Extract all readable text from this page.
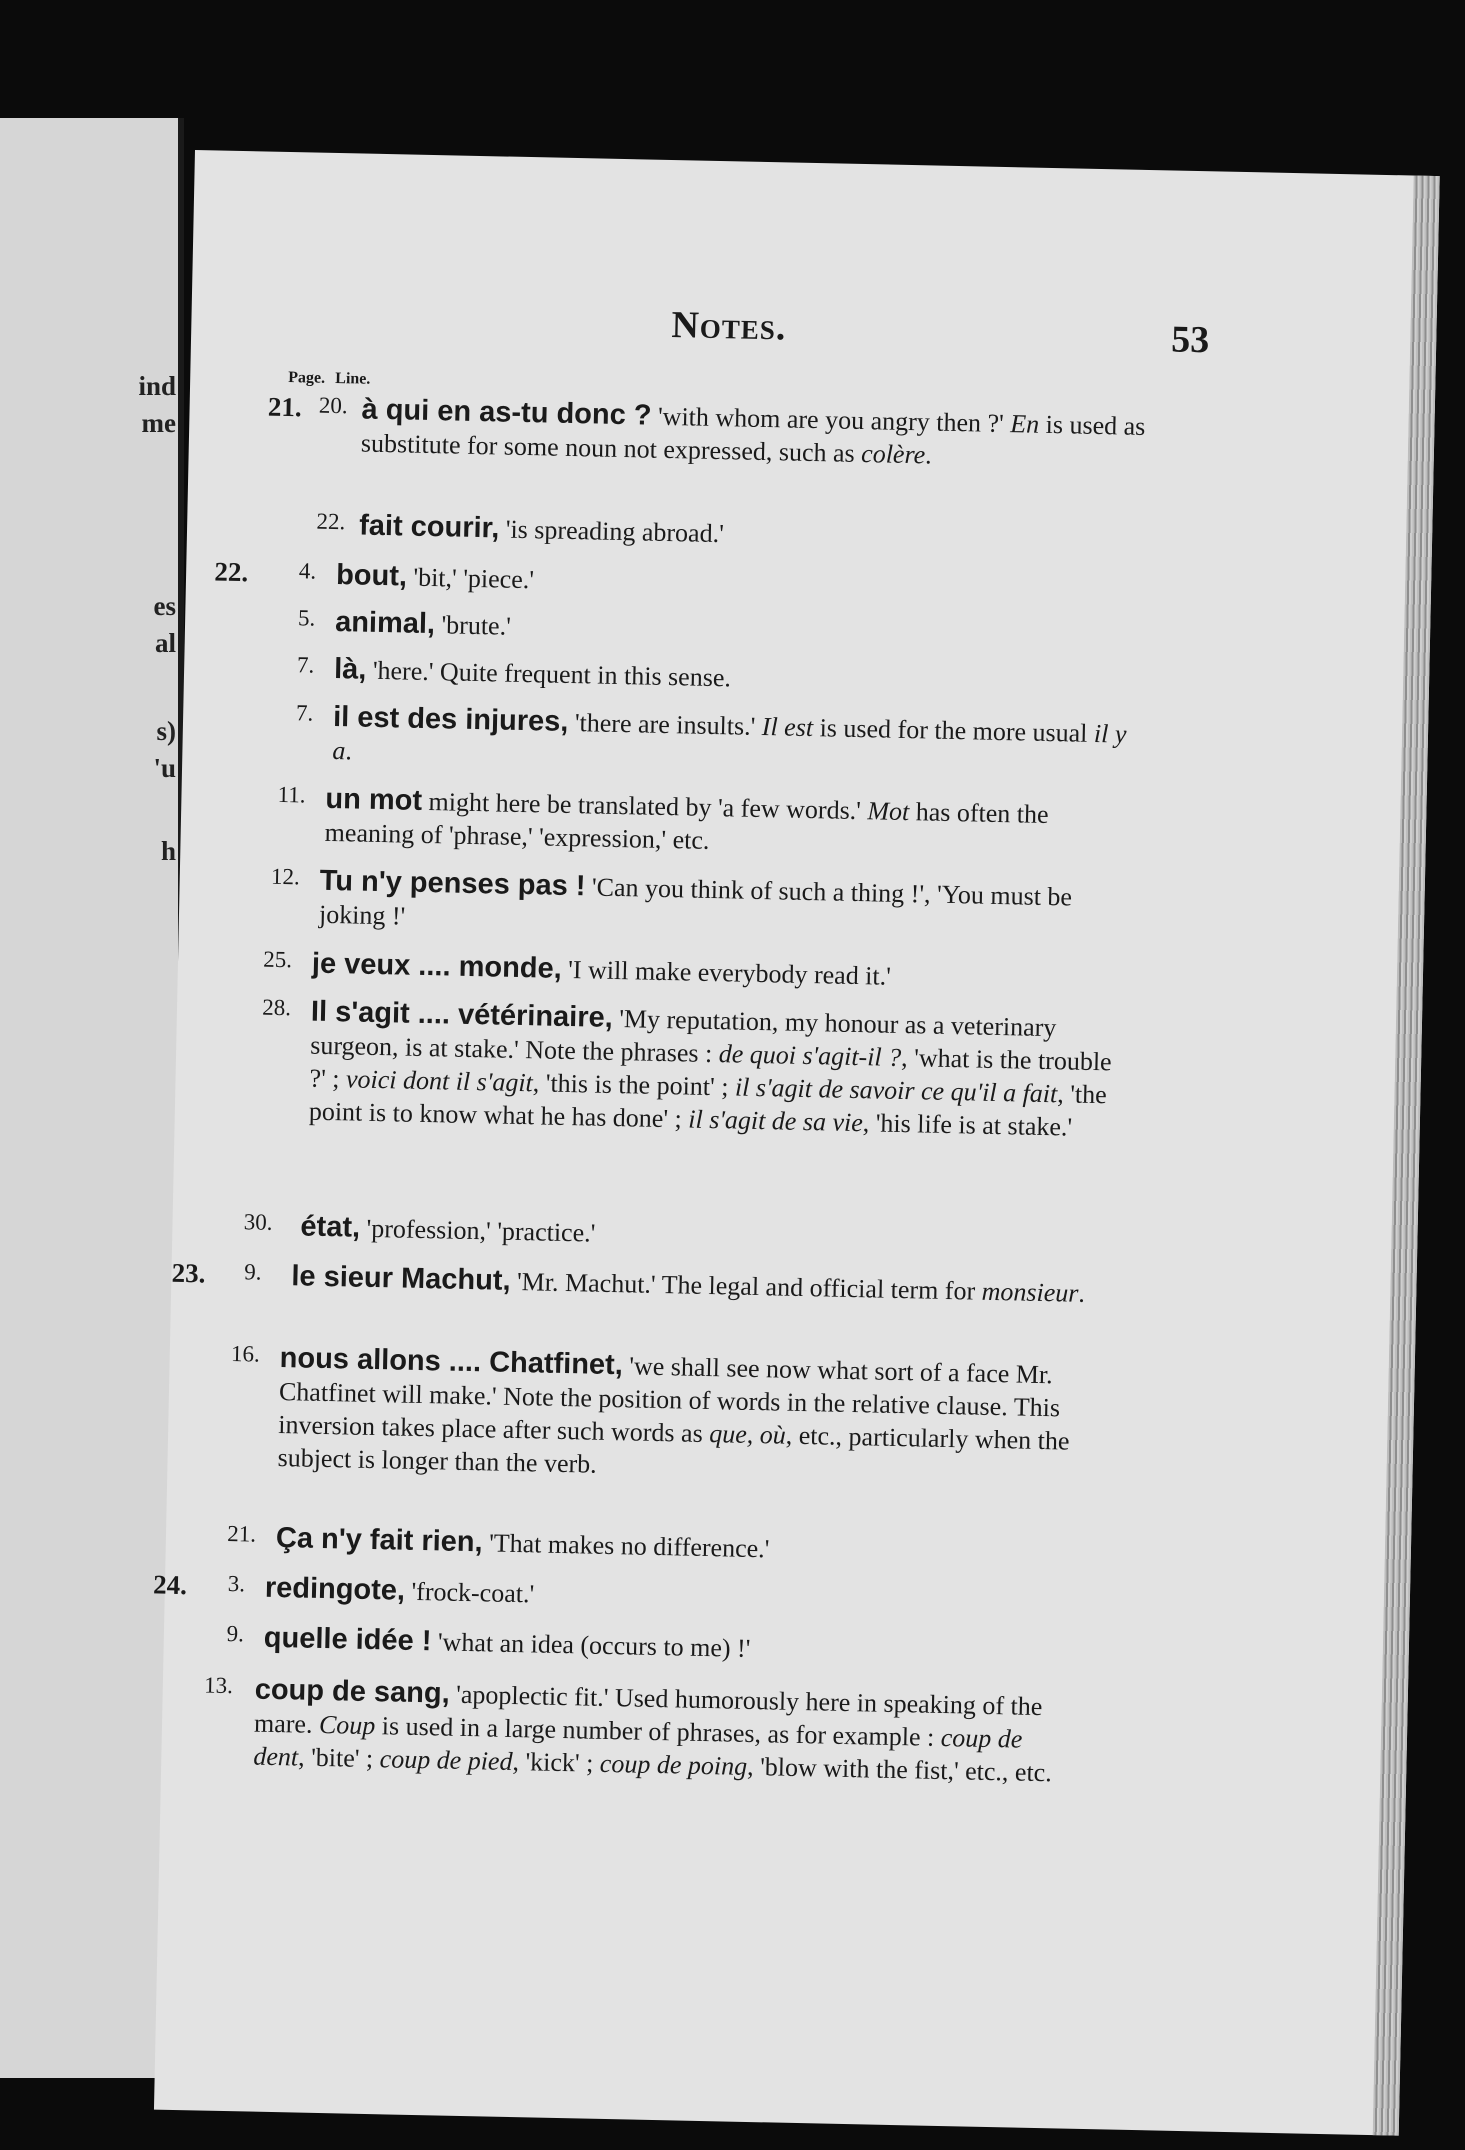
ind

me

es

al

s)

'u

h

Notes.	53

Page. Line.

21. 20. à qui en as-tu donc ? 'with whom are you angry then ?' En is used as substitute for some noun not expressed, such as colère.

22. fait courir, 'is spreading abroad.'

22.	4. bout, 'bit,' 'piece.'

5. animal, 'brute.'

7. là, 'here.' Quite frequent in this sense.

7. il est des injures, 'there are insults.' Il est is used for the more usual il y a.

11. un mot might here be translated by 'a few words.' Mot has often the meaning of 'phrase,' 'expression,' etc.

12. Tu n'y penses pas ! 'Can you think of such a thing !', 'You must be joking !'

25. je veux .... monde, 'I will make everybody read it.'

28. Il s'agit .... vétérinaire, 'My reputation, my honour as a veterinary surgeon, is at stake.' Note the phrases : de quoi s'agit-il ?, 'what is the trouble ?' ; voici dont il s'agit, 'this is the point' ; il s'agit de savoir ce qu'il a fait, 'the point is to know what he has done' ; il s'agit de sa vie, 'his life is at stake.'

30. état, 'profession,' 'practice.'

23.	9. le sieur Machut, 'Mr. Machut.' The legal and official term for monsieur.

16. nous allons .... Chatfinet, 'we shall see now what sort of a face Mr. Chatfinet will make.' Note the position of words in the relative clause. This inversion takes place after such words as que, où, etc., particularly when the subject is longer than the verb.

21. Ça n'y fait rien, 'That makes no difference.'

24.	3. redingote, 'frock-coat.'

9. quelle idée ! 'what an idea (occurs to me) !'

13. coup de sang, 'apoplectic fit.' Used humorously here in speaking of the mare. Coup is used in a large number of phrases, as for example : coup de dent, 'bite' ; coup de pied, 'kick' ; coup de poing, 'blow with the fist,' etc., etc.
